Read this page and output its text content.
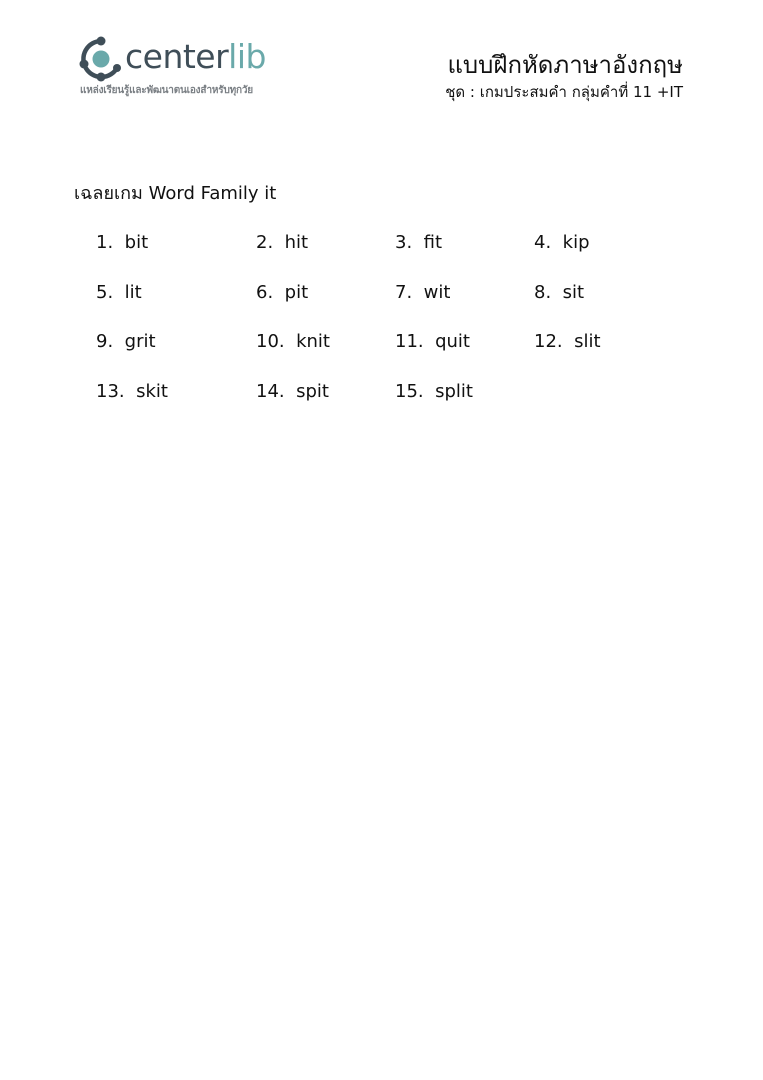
centerlib
แหล่งเรียนรู้และพัฒนาตนเองสำหรับทุกวัย
แบบฝึกหัดภาษาอังกฤษ
ชุด : เกมประสมคำ กลุ่มคำที่ 11 +IT
เฉลยเกม Word Family it
1. bit	2. hit	3. fit	4. kip
5. lit	6. pit	7. wit	8. sit
9. grit	10. knit	11. quit	12. slit
13. skit	14. spit	15. split
